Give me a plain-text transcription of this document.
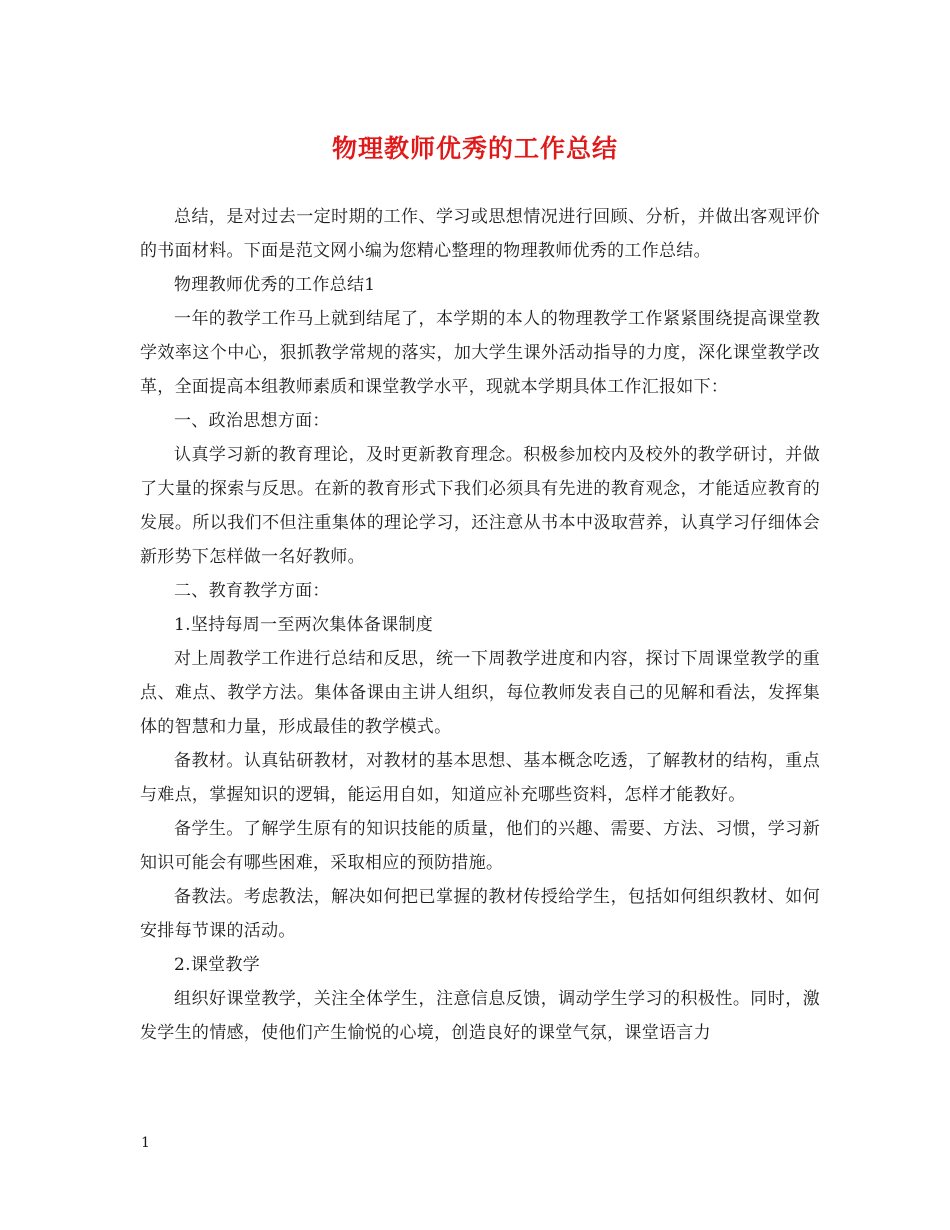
物理教师优秀的工作总结

总结，是对过去一定时期的工作、学习或思想情况进行回顾、分析，并做出客观评价的书面材料。下面是范文网小编为您精心整理的物理教师优秀的工作总结。

物理教师优秀的工作总结1

一年的教学工作马上就到结尾了，本学期的本人的物理教学工作紧紧围绕提高课堂教学效率这个中心，狠抓教学常规的落实，加大学生课外活动指导的力度，深化课堂教学改革，全面提高本组教师素质和课堂教学水平，现就本学期具体工作汇报如下：

一、政治思想方面：

认真学习新的教育理论，及时更新教育理念。积极参加校内及校外的教学研讨，并做了大量的探索与反思。在新的教育形式下我们必须具有先进的教育观念，才能适应教育的发展。所以我们不但注重集体的理论学习，还注意从书本中汲取营养，认真学习仔细体会新形势下怎样做一名好教师。

二、教育教学方面：

1.坚持每周一至两次集体备课制度

对上周教学工作进行总结和反思，统一下周教学进度和内容，探讨下周课堂教学的重点、难点、教学方法。集体备课由主讲人组织，每位教师发表自己的见解和看法，发挥集体的智慧和力量，形成最佳的教学模式。

备教材。认真钻研教材，对教材的基本思想、基本概念吃透，了解教材的结构，重点与难点，掌握知识的逻辑，能运用自如，知道应补充哪些资料，怎样才能教好。

备学生。了解学生原有的知识技能的质量，他们的兴趣、需要、方法、习惯，学习新知识可能会有哪些困难，采取相应的预防措施。

备教法。考虑教法，解决如何把已掌握的教材传授给学生，包括如何组织教材、如何安排每节课的活动。

2.课堂教学

组织好课堂教学，关注全体学生，注意信息反馈，调动学生学习的积极性。同时，激发学生的情感，使他们产生愉悦的心境，创造良好的课堂气氛，课堂语言力

1
